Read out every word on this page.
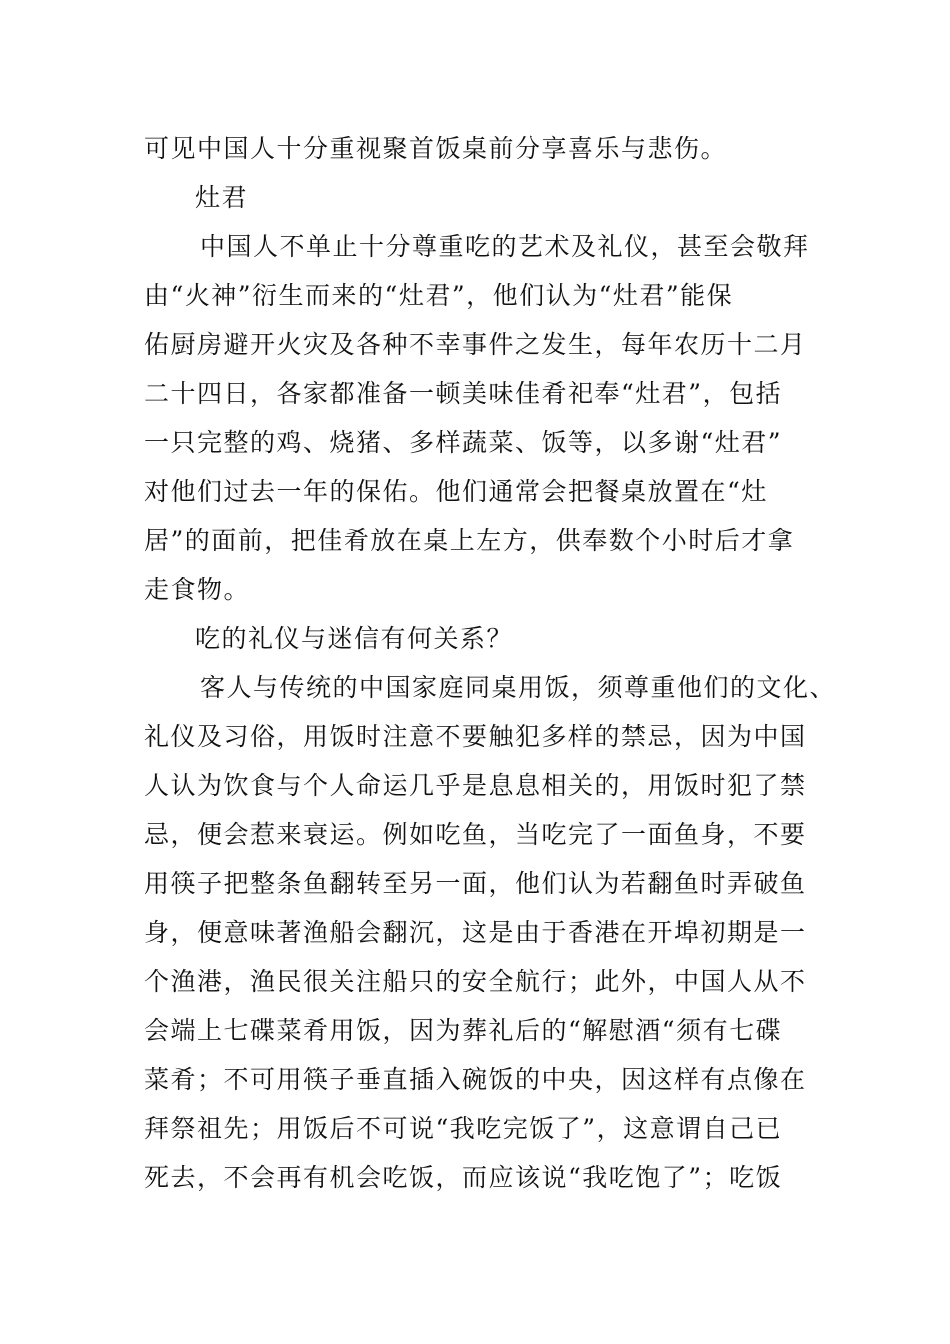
可见中国人十分重视聚首饭桌前分享喜乐与悲伤。
灶君
中国人不单止十分尊重吃的艺术及礼仪，甚至会敬拜
由“火神”衍生而来的“灶君”，他们认为“灶君”能保
佑厨房避开火灾及各种不幸事件之发生，每年农历十二月
二十四日，各家都准备一顿美味佳肴祀奉“灶君”，包括
一只完整的鸡、烧猪、多样蔬菜、饭等，以多谢“灶君”
对他们过去一年的保佑。他们通常会把餐桌放置在“灶
居”的面前，把佳肴放在桌上左方，供奉数个小时后才拿
走食物。
吃的礼仪与迷信有何关系？
客人与传统的中国家庭同桌用饭，须尊重他们的文化、
礼仪及习俗，用饭时注意不要触犯多样的禁忌，因为中国
人认为饮食与个人命运几乎是息息相关的，用饭时犯了禁
忌，便会惹来衰运。例如吃鱼，当吃完了一面鱼身，不要
用筷子把整条鱼翻转至另一面，他们认为若翻鱼时弄破鱼
身，便意味著渔船会翻沉，这是由于香港在开埠初期是一
个渔港，渔民很关注船只的安全航行；此外，中国人从不
会端上七碟菜肴用饭，因为葬礼后的“解慰酒“须有七碟
菜肴；不可用筷子垂直插入碗饭的中央，因这样有点像在
拜祭祖先；用饭后不可说“我吃完饭了”，这意谓自己已
死去，不会再有机会吃饭，而应该说“我吃饱了”；吃饭
